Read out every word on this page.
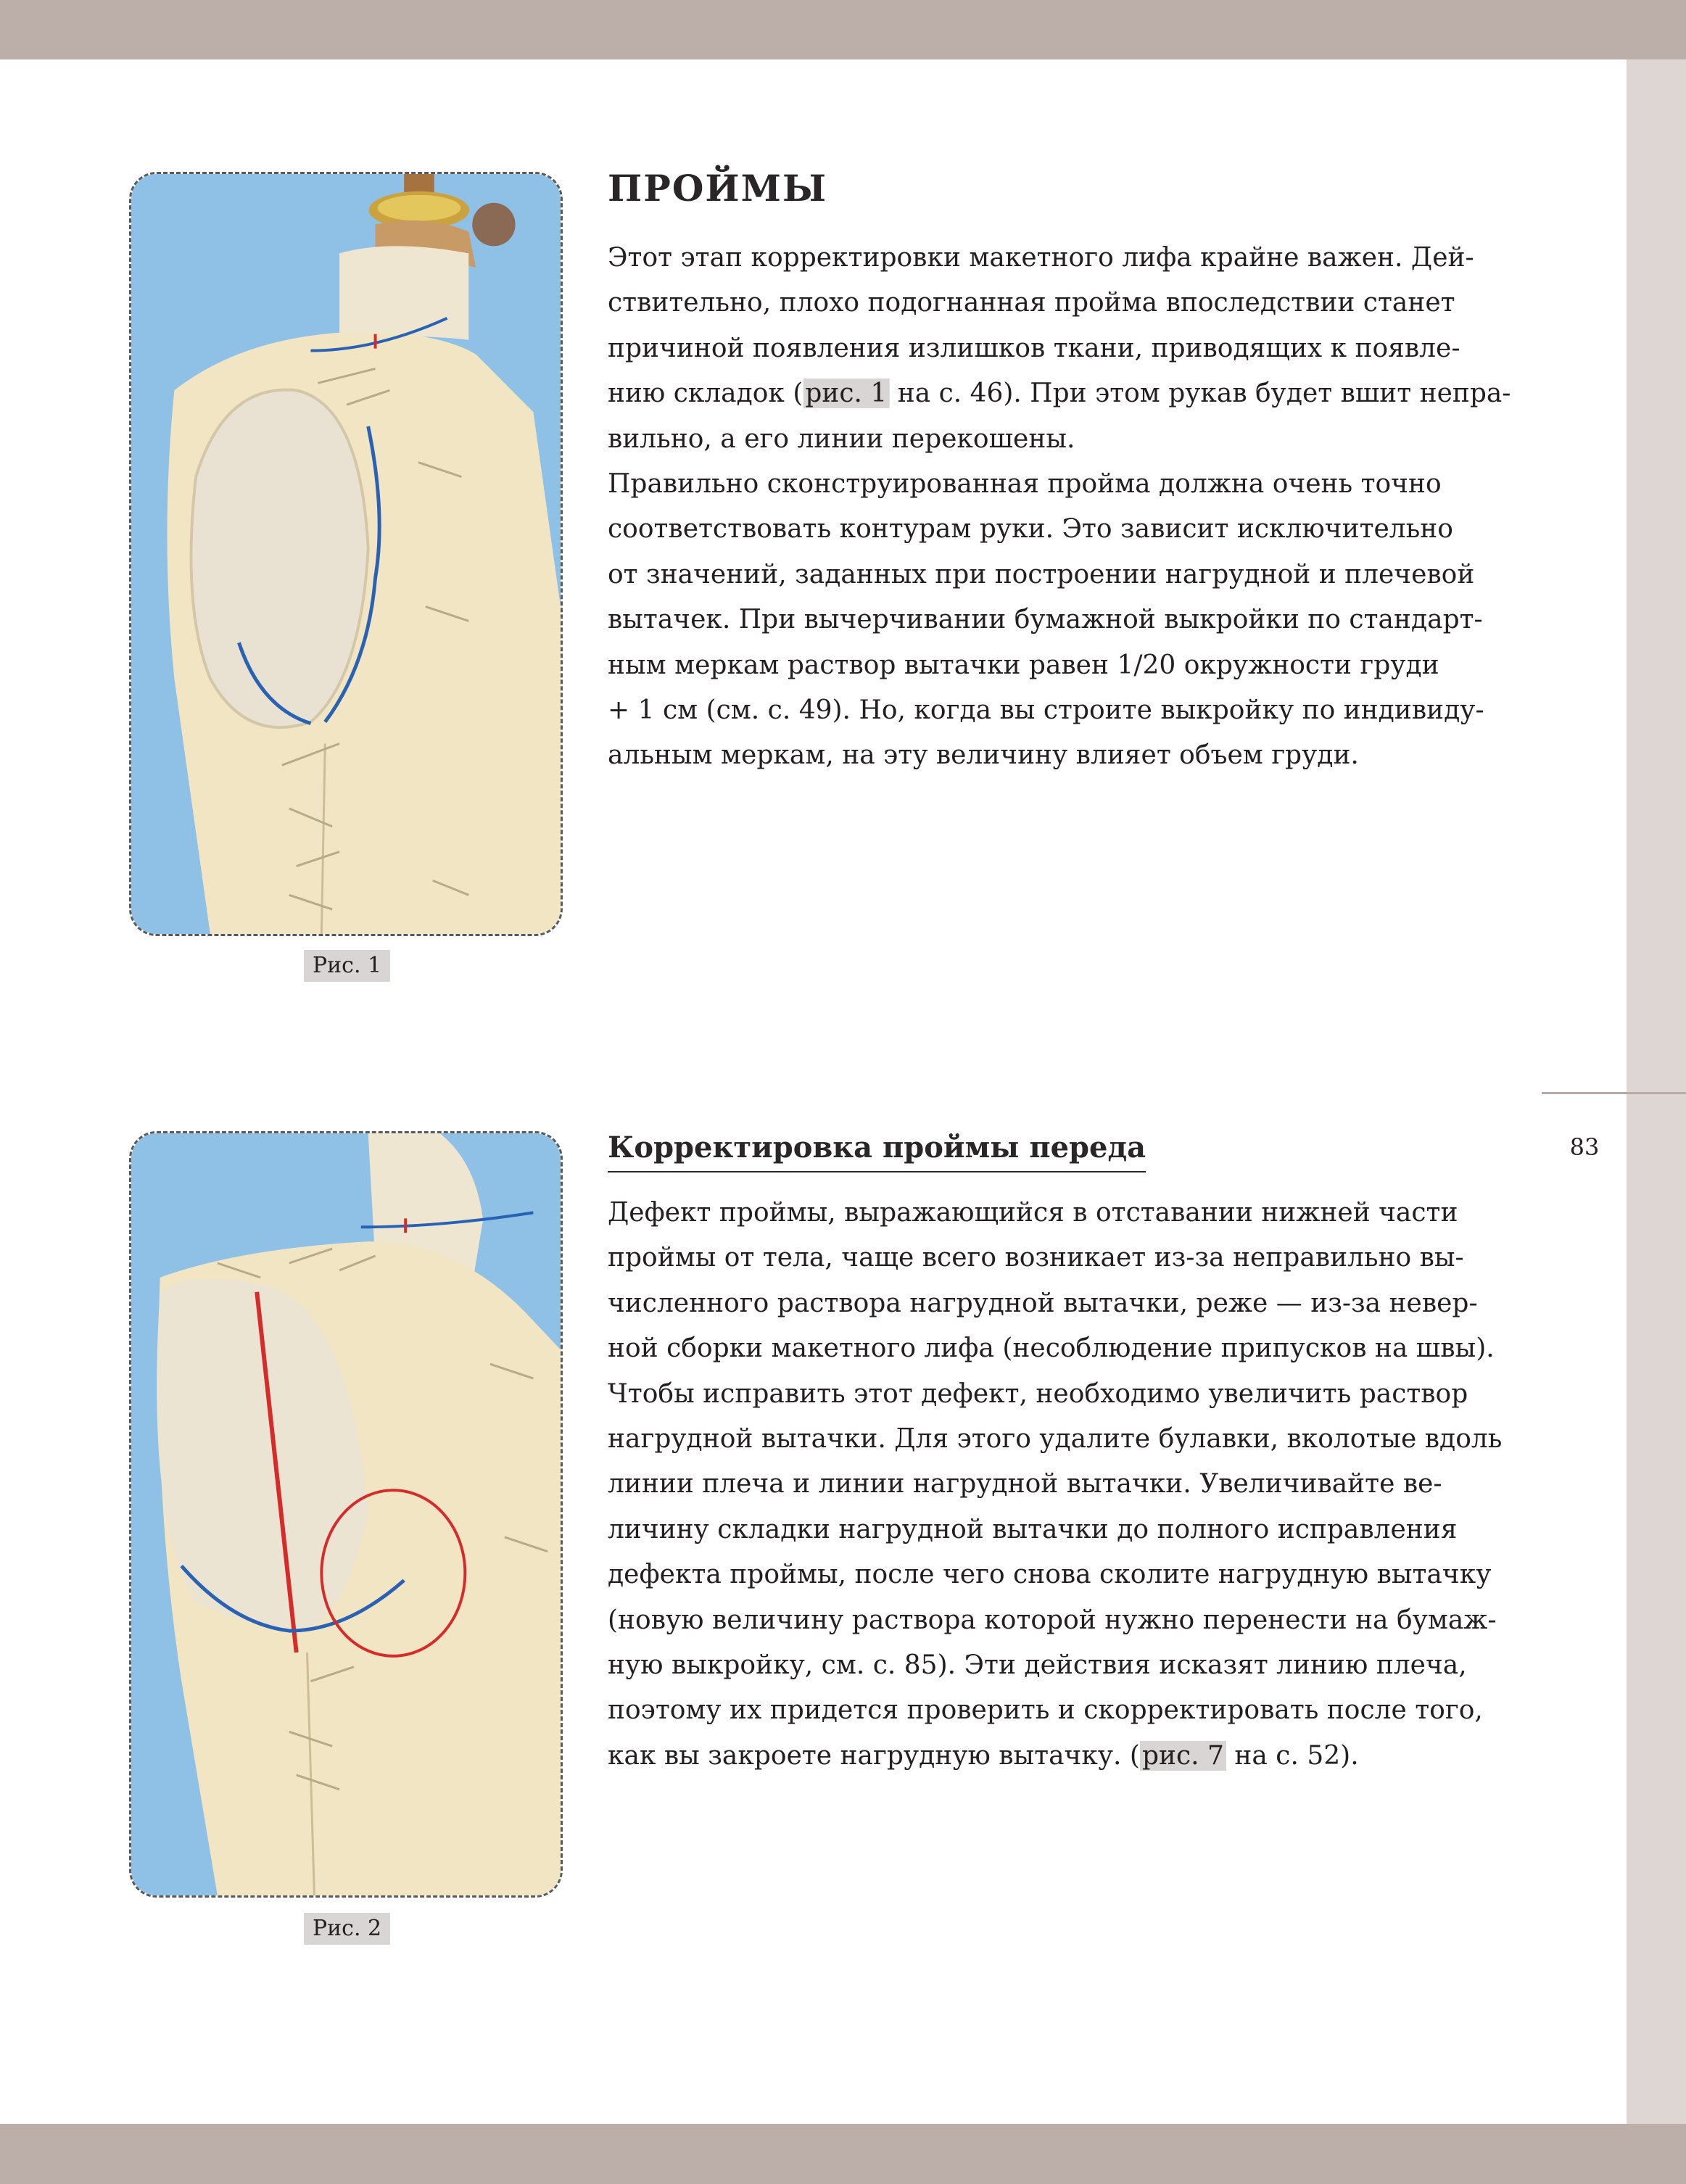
83
Рис. 1
Рис. 2
ПРОЙМЫ
Этот этап корректировки макетного лифа крайне важен. Дей-
ствительно, плохо подогнанная пройма впоследствии станет
причиной появления излишков ткани, приводящих к появле-
нию складок (рис. 1 на с. 46). При этом рукав будет вшит непра-
вильно, а его линии перекошены.
Правильно сконструированная пройма должна очень точно
соответствовать контурам руки. Это зависит исключительно
от значений, заданных при построении нагрудной и плечевой
вытачек. При вычерчивании бумажной выкройки по стандарт-
ным меркам раствор вытачки равен 1/20 окружности груди
+ 1 см (см. с. 49). Но, когда вы строите выкройку по индивиду-
альным меркам, на эту величину влияет объем груди.
Корректировка проймы переда
Дефект проймы, выражающийся в отставании нижней части
проймы от тела, чаще всего возникает из-за неправильно вы-
численного раствора нагрудной вытачки, реже — из-за невер-
ной сборки макетного лифа (несоблюдение припусков на швы).
Чтобы исправить этот дефект, необходимо увеличить раствор
нагрудной вытачки. Для этого удалите булавки, вколотые вдоль
линии плеча и линии нагрудной вытачки. Увеличивайте ве-
личину складки нагрудной вытачки до полного исправления
дефекта проймы, после чего снова сколите нагрудную вытачку
(новую величину раствора которой нужно перенести на бумаж-
ную выкройку, см. с. 85). Эти действия исказят линию плеча,
поэтому их придется проверить и скорректировать после того,
как вы закроете нагрудную вытачку. (рис. 7 на с. 52).
